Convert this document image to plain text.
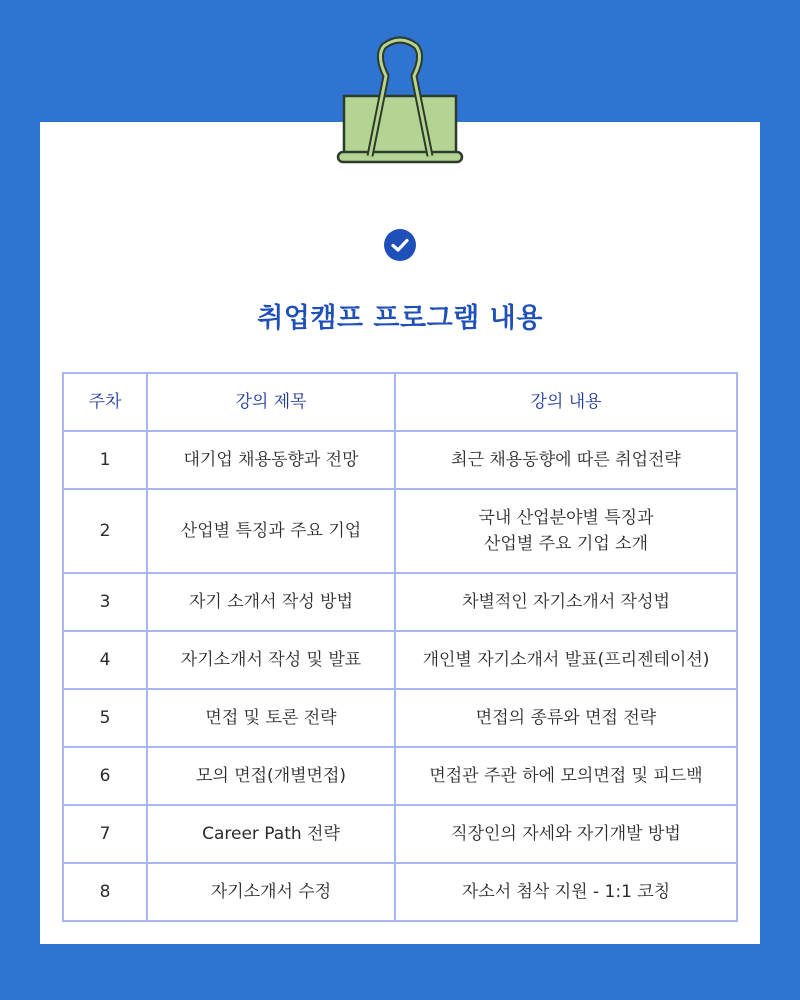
취업캠프 프로그램 내용
주차	강의 제목	강의 내용
1	대기업 채용동향과 전망	최근 채용동향에 따른 취업전략
2	산업별 특징과 주요 기업	국내 산업분야별 특징과
산업별 주요 기업 소개

3	자기 소개서 작성 방법	차별적인 자기소개서 작성법
4	자기소개서 작성 및 발표	개인별 자기소개서 발표(프리젠테이션)
5	면접 및 토론 전략	면접의 종류와 면접 전략
6	모의 면접(개별면접)	면접관 주관 하에 모의면접 및 피드백
7	Career Path 전략	직장인의 자세와 자기개발 방법
8	자기소개서 수정	자소서 첨삭 지원 - 1:1 코칭
